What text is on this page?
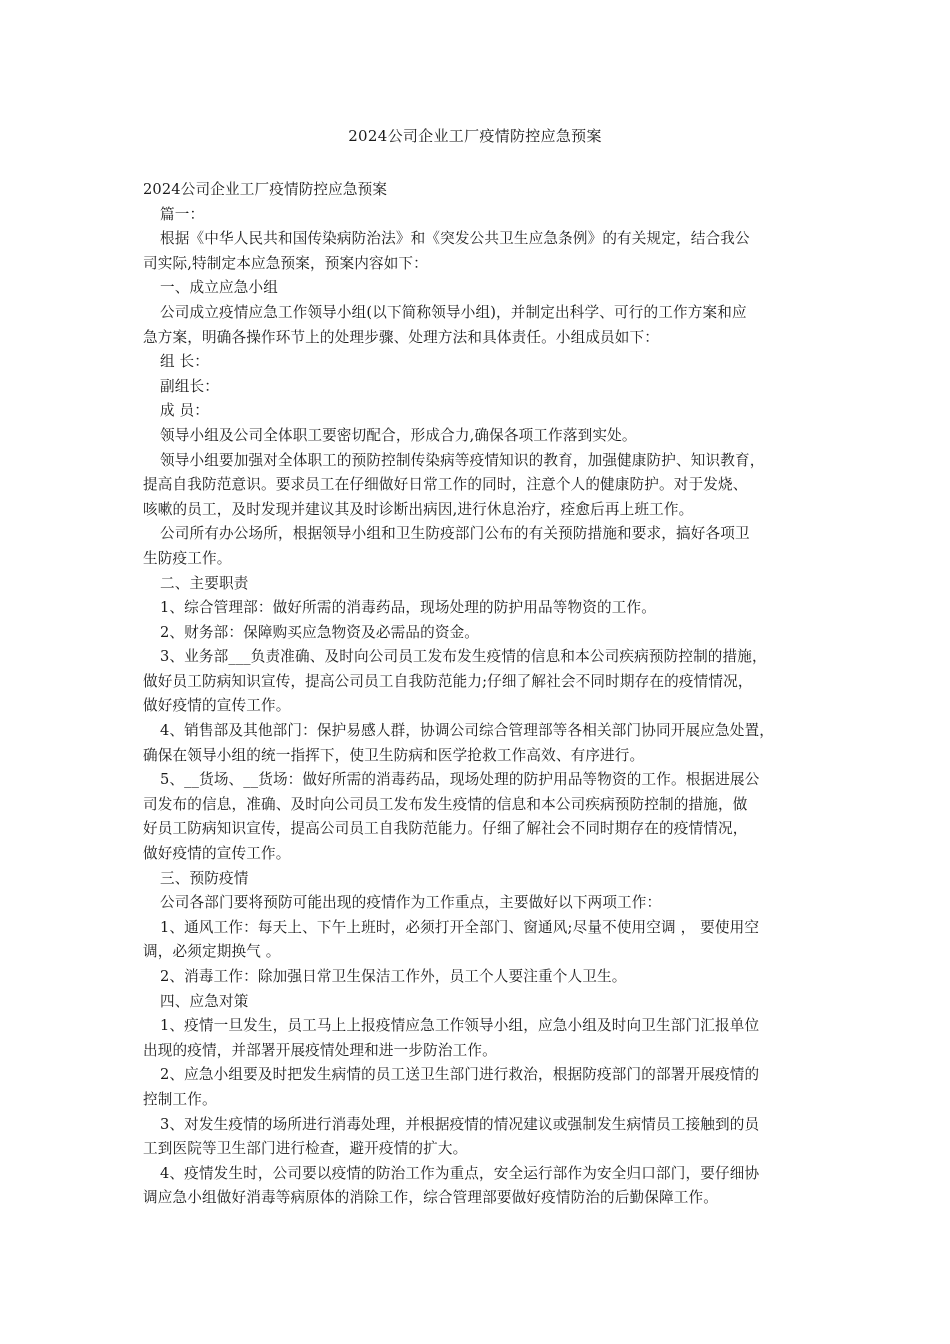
2024公司企业工厂疫情防控应急预案
2024公司企业工厂疫情防控应急预案
篇一：
根据《中华人民共和国传染病防治法》和《突发公共卫生应急条例》的有关规定，结合我公
司实际,特制定本应急预案，预案内容如下：
一、成立应急小组
公司成立疫情应急工作领导小组(以下简称领导小组)，并制定出科学、可行的工作方案和应
急方案，明确各操作环节上的处理步骤、处理方法和具体责任。小组成员如下：
组 长：
副组长：
成 员：
领导小组及公司全体职工要密切配合，形成合力,确保各项工作落到实处。
领导小组要加强对全体职工的预防控制传染病等疫情知识的教育，加强健康防护、知识教育，
提高自我防范意识。要求员工在仔细做好日常工作的同时，注意个人的健康防护。对于发烧、
咳嗽的员工，及时发现并建议其及时诊断出病因,进行休息治疗，痊愈后再上班工作。
公司所有办公场所，根据领导小组和卫生防疫部门公布的有关预防措施和要求，搞好各项卫
生防疫工作。
二、主要职责
1、综合管理部：做好所需的消毒药品，现场处理的防护用品等物资的工作。
2、财务部：保障购买应急物资及必需品的资金。
3、业务部___负责准确、及时向公司员工发布发生疫情的信息和本公司疾病预防控制的措施，
做好员工防病知识宣传，提高公司员工自我防范能力;仔细了解社会不同时期存在的疫情情况，
做好疫情的宣传工作。
4、销售部及其他部门：保护易感人群，协调公司综合管理部等各相关部门协同开展应急处置，
确保在领导小组的统一指挥下，使卫生防病和医学抢救工作高效、有序进行。
5、__货场、__货场：做好所需的消毒药品，现场处理的防护用品等物资的工作。根据进展公
司发布的信息，准确、及时向公司员工发布发生疫情的信息和本公司疾病预防控制的措施，做
好员工防病知识宣传，提高公司员工自我防范能力。仔细了解社会不同时期存在的疫情情况，
做好疫情的宣传工作。
三、预防疫情
公司各部门要将预防可能出现的疫情作为工作重点，主要做好以下两项工作：
1、通风工作：每天上、下午上班时，必须打开全部门、窗通风;尽量不使用空调 ， 要使用空
调，必须定期换气 。
2、消毒工作：除加强日常卫生保洁工作外，员工个人要注重个人卫生。
四、应急对策
1、疫情一旦发生，员工马上上报疫情应急工作领导小组，应急小组及时向卫生部门汇报单位
出现的疫情，并部署开展疫情处理和进一步防治工作。
2、应急小组要及时把发生病情的员工送卫生部门进行救治，根据防疫部门的部署开展疫情的
控制工作。
3、对发生疫情的场所进行消毒处理，并根据疫情的情况建议或强制发生病情员工接触到的员
工到医院等卫生部门进行检查，避开疫情的扩大。
4、疫情发生时，公司要以疫情的防治工作为重点，安全运行部作为安全归口部门，要仔细协
调应急小组做好消毒等病原体的消除工作，综合管理部要做好疫情防治的后勤保障工作。
